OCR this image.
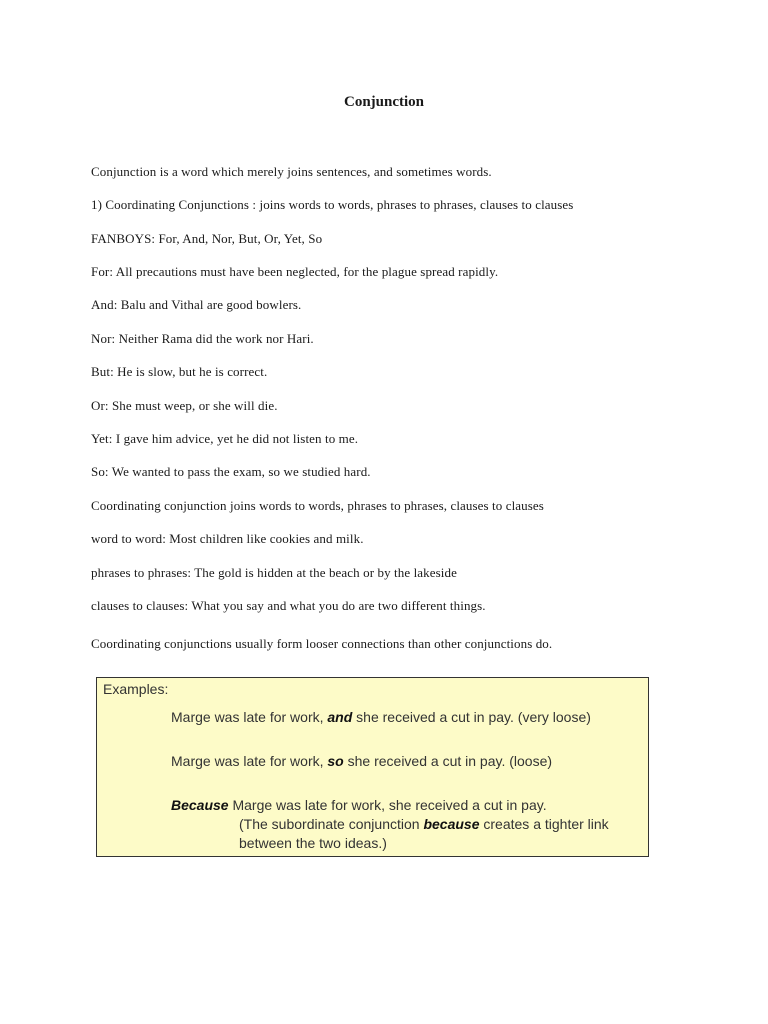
Conjunction
Conjunction is a word which merely joins sentences, and sometimes words.
1) Coordinating Conjunctions : joins words to words, phrases to phrases, clauses to clauses
FANBOYS: For, And, Nor, But, Or, Yet, So
For: All precautions must have been neglected, for the plague spread rapidly.
And: Balu and Vithal are good bowlers.
Nor: Neither Rama did the work nor Hari.
But: He is slow, but he is correct.
Or: She must weep, or she will die.
Yet: I gave him advice, yet he did not listen to me.
So: We wanted to pass the exam, so we studied hard.
Coordinating conjunction joins words to words, phrases to phrases, clauses to clauses
word to word: Most children like cookies and milk.
phrases to phrases: The gold is hidden at the beach or by the lakeside
clauses to clauses: What you say and what you do are two different things.
Coordinating conjunctions usually form looser connections than other conjunctions do.
Examples:
Marge was late for work, and she received a cut in pay. (very loose)
Marge was late for work, so she received a cut in pay. (loose)
Because Marge was late for work, she received a cut in pay.
(The subordinate conjunction because creates a tighter link
between the two ideas.)
